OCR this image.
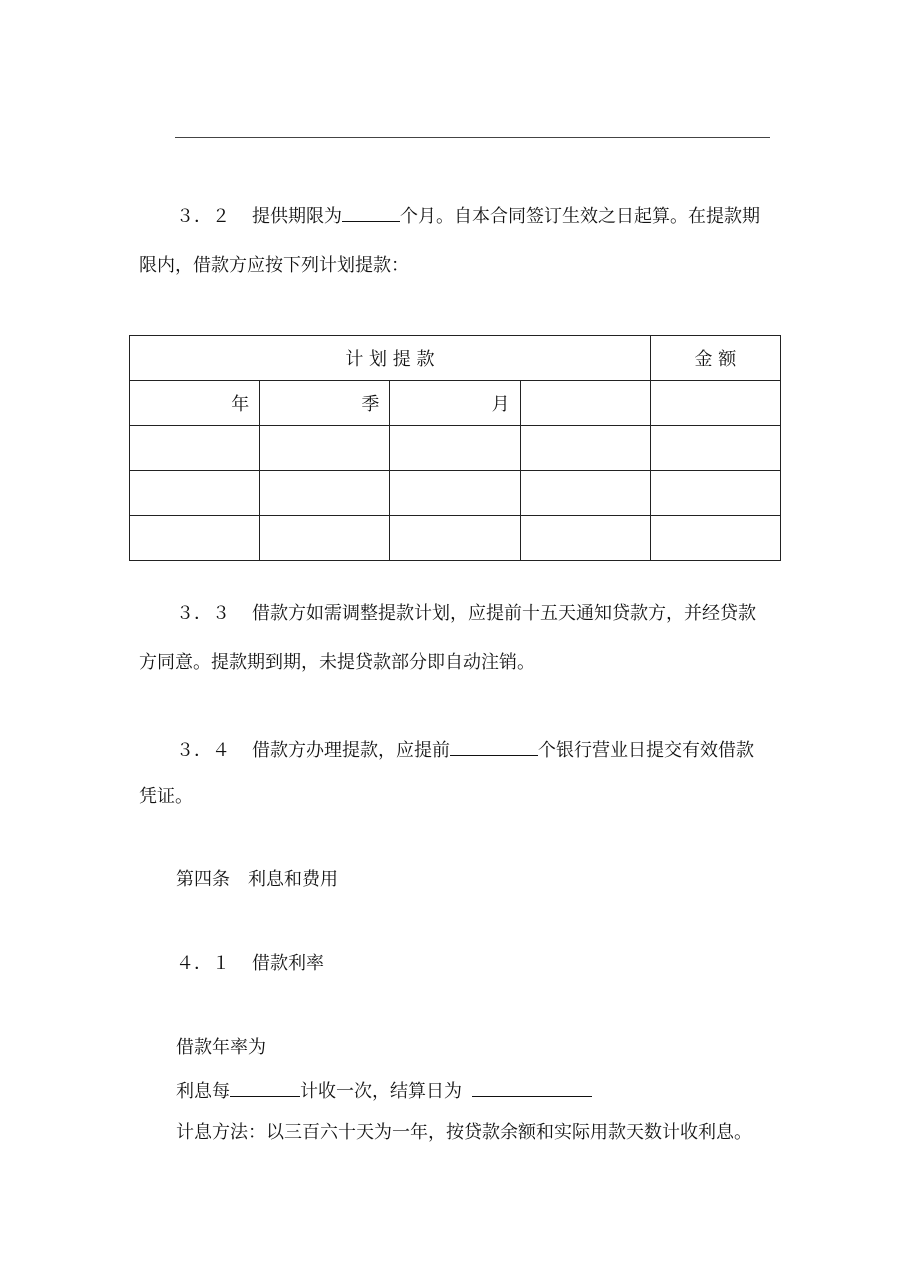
３．２ 提供期限为	个月。自本合同签订生效之日起算。在提款期
限内，借款方应按下列计划提款：
计 划 提 款				金 额
年	季	月		

３．３ 借款方如需调整提款计划，应提前十五天通知贷款方，并经贷款
方同意。提款期到期，未提贷款部分即自动注销。
３．４ 借款方办理提款，应提前	个银行营业日提交有效借款
凭证。
第四条 利息和费用
４．１ 借款利率
借款年率为
利息每	计收一次，结算日为
计息方法：以三百六十天为一年，按贷款余额和实际用款天数计收利息。
